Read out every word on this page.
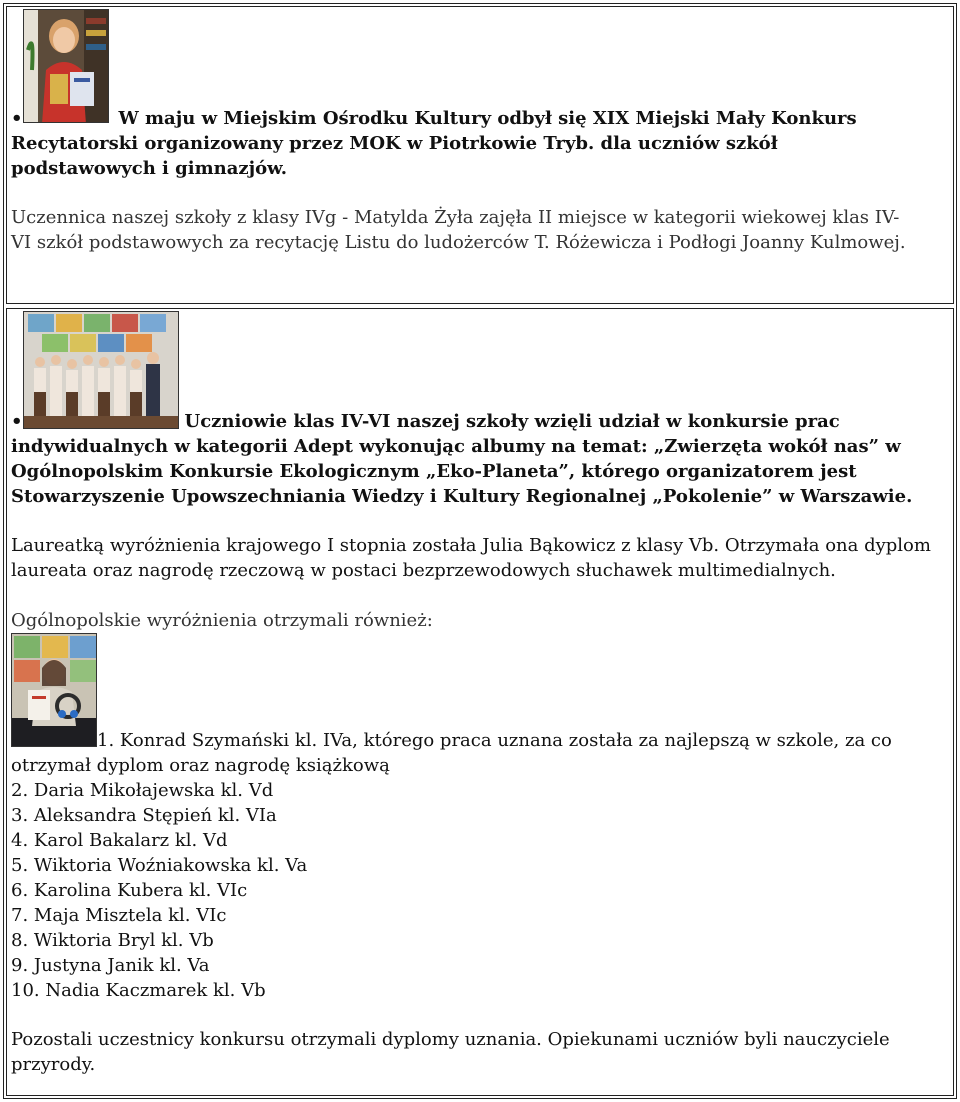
•	W maju w Miejskim Ośrodku Kultury odbył się XIX Miejski Mały Konkurs Recytatorski organizowany przez MOK w Piotrkowie Tryb. dla uczniów szkół podstawowych i gimnazjów.
Uczennica naszej szkoły z klasy IVg - Matylda Żyła zajęła II miejsce w kategorii wiekowej klas IV-VI szkół podstawowych za recytację Listu do ludożerców T. Różewicza i Podłogi Joanny Kulmowej.
•	Uczniowie klas IV-VI naszej szkoły wzięli udział w konkursie prac indywidualnych w kategorii Adept wykonując albumy na temat: „Zwierzęta wokół nas” w Ogólnopolskim Konkursie Ekologicznym „Eko-Planeta”, którego organizatorem jest Stowarzyszenie Upowszechniania Wiedzy i Kultury Regionalnej „Pokolenie” w Warszawie.
Laureatką wyróżnienia krajowego I stopnia została Julia Bąkowicz z klasy Vb. Otrzymała ona dyplom laureata oraz nagrodę rzeczową w postaci bezprzewodowych słuchawek multimedialnych.
Ogólnopolskie wyróżnienia otrzymali również:
1. Konrad Szymański kl. IVa, którego praca uznana została za najlepszą w szkole, za co otrzymał dyplom oraz nagrodę książkową
2. Daria Mikołajewska kl. Vd
3. Aleksandra Stępień kl. VIa
4. Karol Bakalarz kl. Vd
5. Wiktoria Woźniakowska kl. Va
6. Karolina Kubera kl. VIc
7. Maja Misztela kl. VIc
8. Wiktoria Bryl kl. Vb
9. Justyna Janik kl. Va
10. Nadia Kaczmarek kl. Vb
Pozostali uczestnicy konkursu otrzymali dyplomy uznania. Opiekunami uczniów byli nauczyciele przyrody.
